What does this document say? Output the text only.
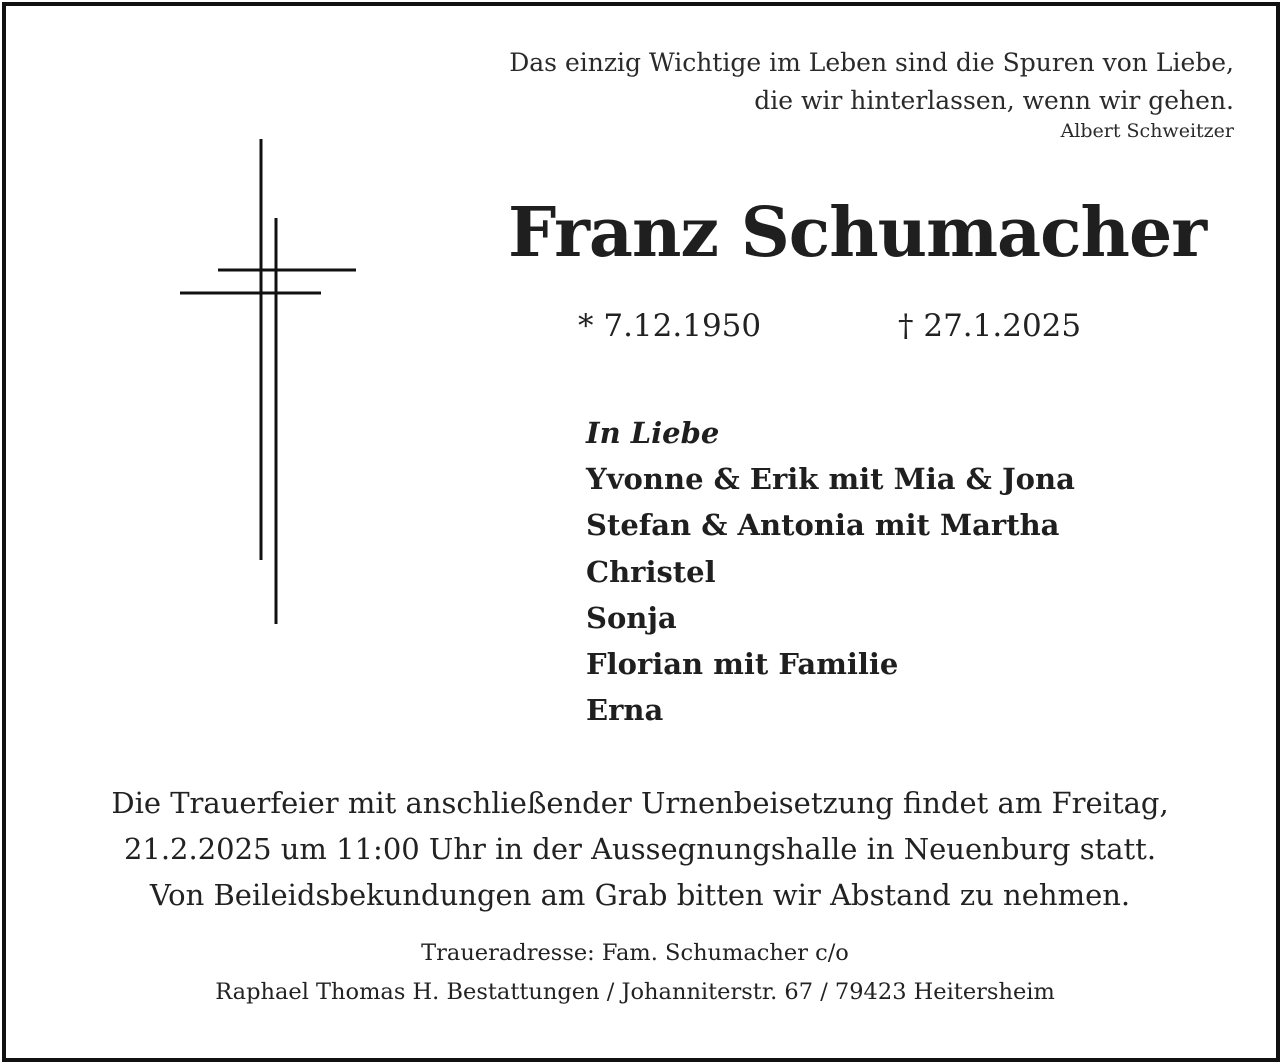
Das einzig Wichtige im Leben sind die Spuren von Liebe,
die wir hinterlassen, wenn wir gehen.
Albert Schweitzer
Franz Schumacher
* 7.12.1950	† 27.1.2025
In Liebe
Yvonne & Erik mit Mia & Jona
Stefan & Antonia mit Martha
Christel
Sonja
Florian mit Familie
Erna
Die Trauerfeier mit anschließender Urnenbeisetzung findet am Freitag,
21.2.2025 um 11:00 Uhr in der Aussegnungshalle in Neuenburg statt.
Von Beileidsbekundungen am Grab bitten wir Abstand zu nehmen.
Traueradresse: Fam. Schumacher c/o
Raphael Thomas H. Bestattungen / Johanniterstr. 67 / 79423 Heitersheim
